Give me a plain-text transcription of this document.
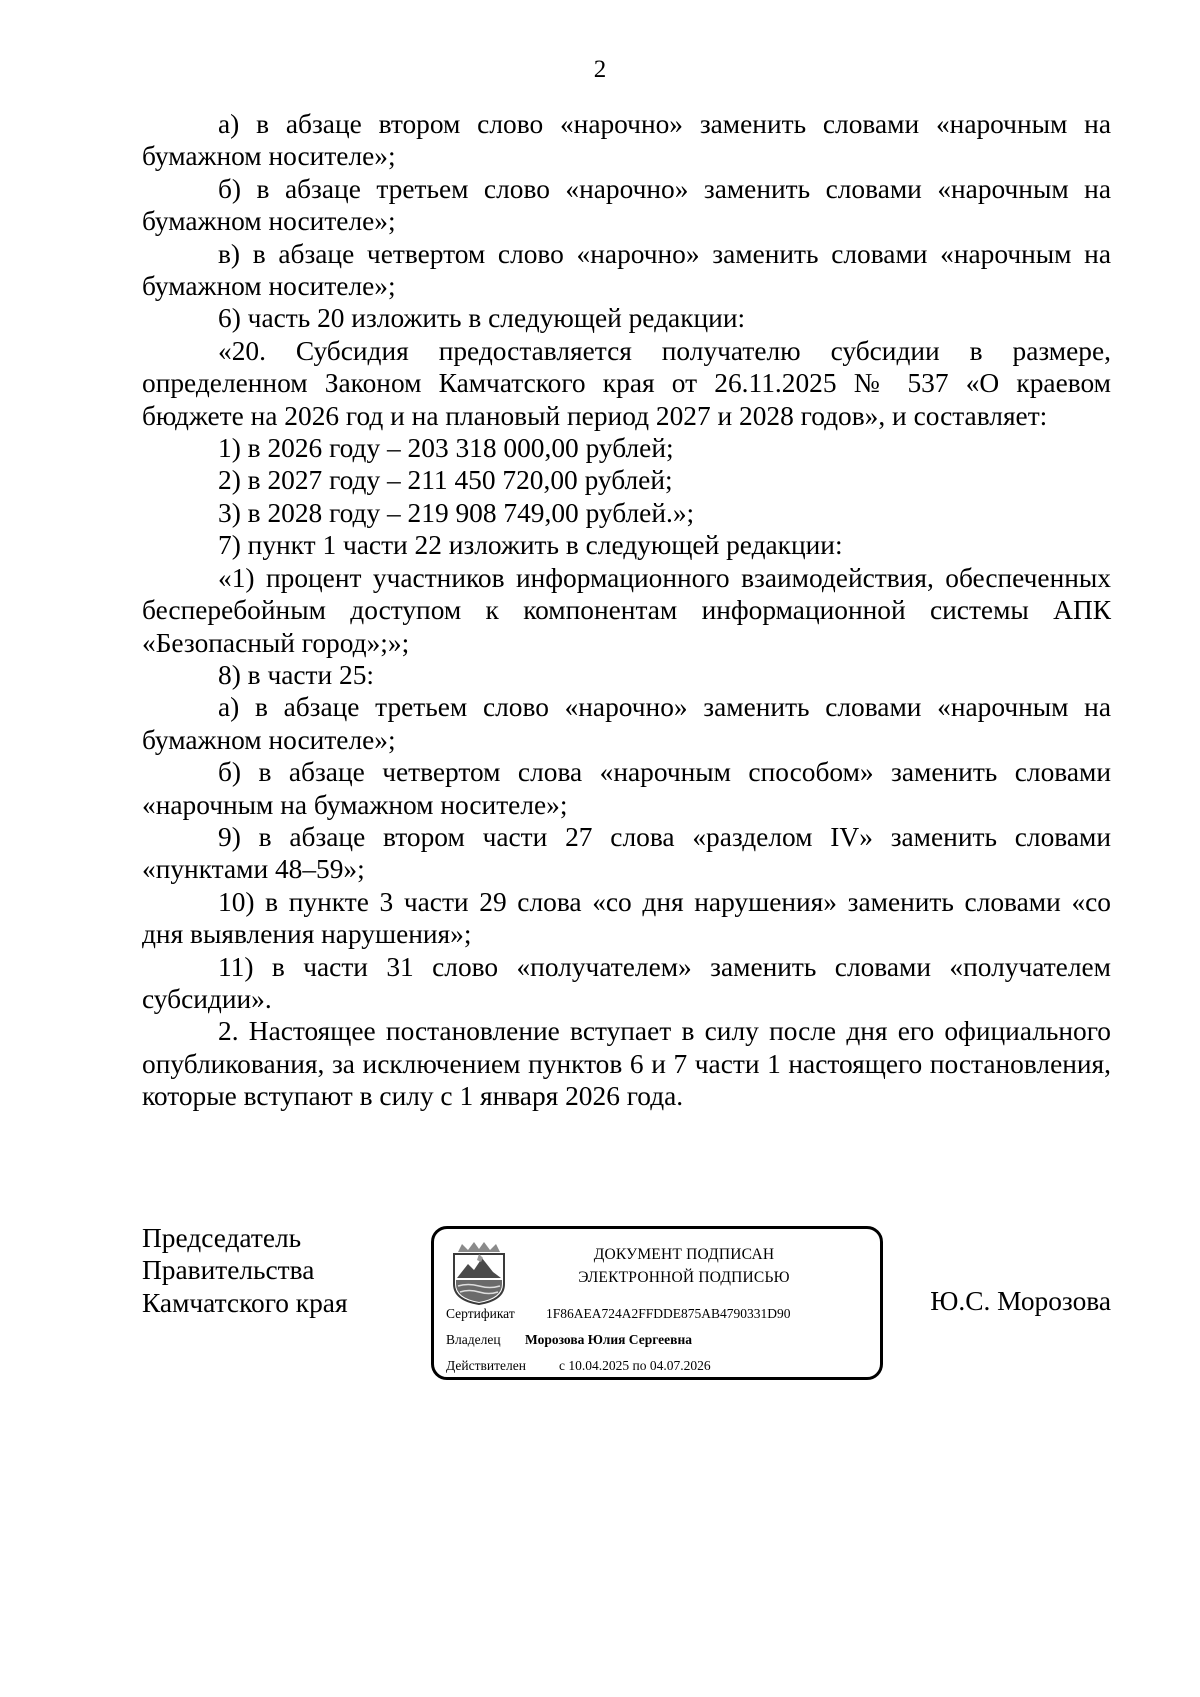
2

а) в абзаце втором слово «нарочно» заменить словами «нарочным на бумажном носителе»;

б) в абзаце третьем слово «нарочно» заменить словами «нарочным на бумажном носителе»;

в) в абзаце четвертом слово «нарочно» заменить словами «нарочным на бумажном носителе»;

6) часть 20 изложить в следующей редакции:

«20. Субсидия предоставляется получателю субсидии в размере, определенном Законом Камчатского края от 26.11.2025 № 537 «О краевом бюджете на 2026 год и на плановый период 2027 и 2028 годов», и составляет:

1) в 2026 году – 203 318 000,00 рублей;

2) в 2027 году – 211 450 720,00 рублей;

3) в 2028 году – 219 908 749,00 рублей.»;

7) пункт 1 части 22 изложить в следующей редакции:

«1) процент участников информационного взаимодействия, обеспеченных бесперебойным доступом к компонентам информационной системы АПК «Безопасный город»;»;

8) в части 25:

а) в абзаце третьем слово «нарочно» заменить словами «нарочным на бумажном носителе»;

б) в абзаце четвертом слова «нарочным способом» заменить словами «нарочным на бумажном носителе»;

9) в абзаце втором части 27 слова «разделом IV» заменить словами «пунктами 48–59»;

10) в пункте 3 части 29 слова «со дня нарушения» заменить словами «со дня выявления нарушения»;

11) в части 31 слово «получателем» заменить словами «получателем субсидии».

2. Настоящее постановление вступает в силу после дня его официального опубликования, за исключением пунктов 6 и 7 части 1 настоящего постановления, которые вступают в силу с 1 января 2026 года.

Председатель
Правительства
Камчатского края
ДОКУМЕНТ ПОДПИСАН
ЭЛЕКТРОННОЙ ПОДПИСЬЮ
Сертификат 1F86AEA724A2FFDDE875AB4790331D90
Владелец Морозова Юлия Сергеевна
Действителен с 10.04.2025 по 04.07.2026
Ю.С. Морозова
